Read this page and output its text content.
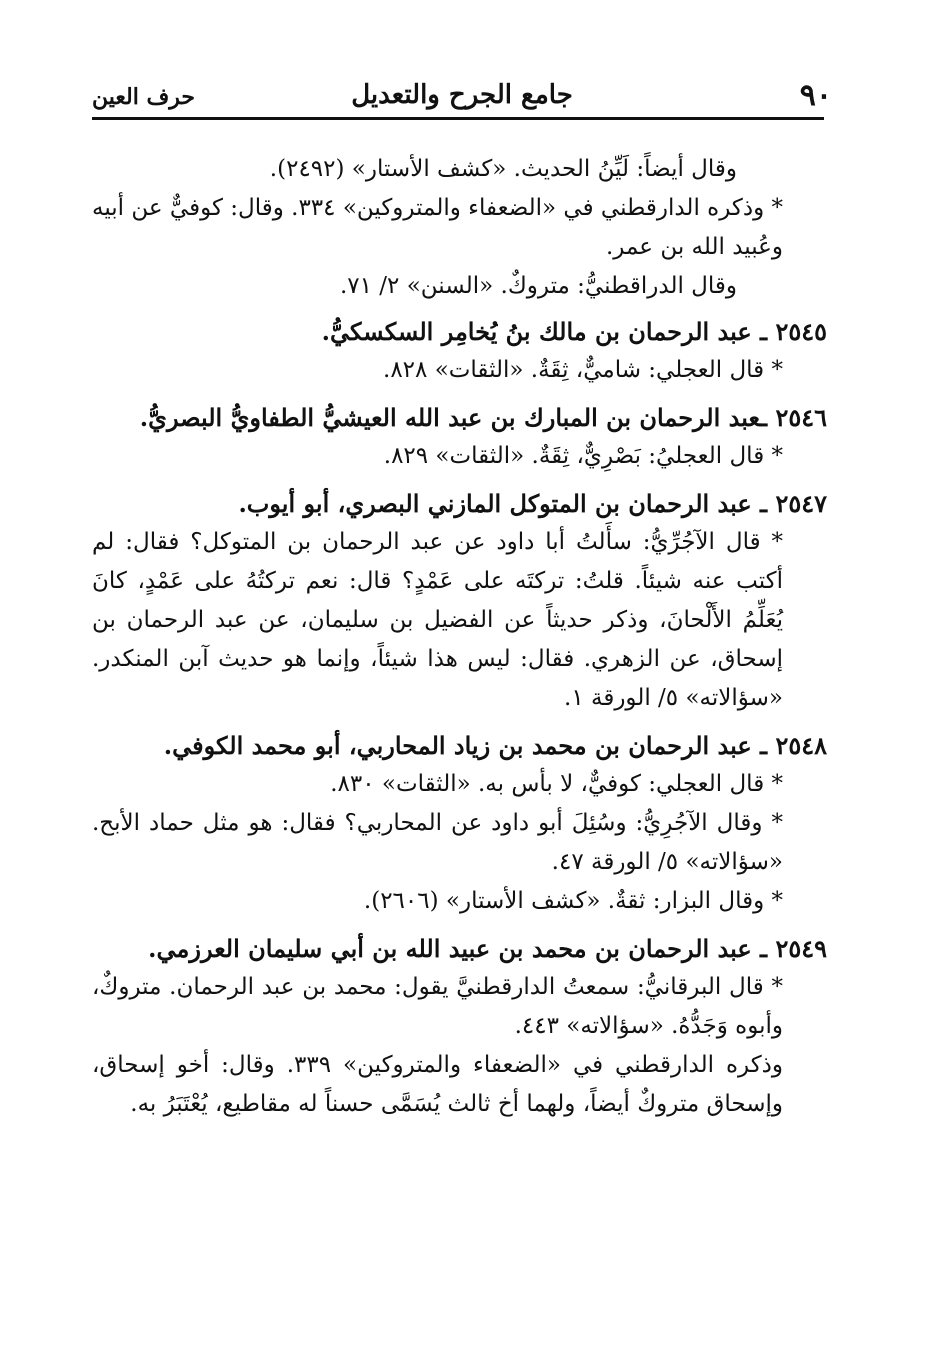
٩٠
جامع الجرح والتعديل
حرف العين

وقال أيضاً: لَيِّنُ الحديث. «كشف الأستار» (٢٤٩٢).

* وذكره الدارقطني في «الضعفاء والمتروكين» ٣٣٤. وقال: كوفيٌّ عن أبيه وعُبيد الله بن عمر.

وقال الدراقطنيُّ: متروكٌ. «السنن» ٢/ ٧١.

٢٥٤٥ ـ عبد الرحمان بن مالك بنُ يُخامِر السكسكيُّ.

* قال العجلي: شاميٌّ، ثِقَةٌ. «الثقات» ٨٢٨.

٢٥٤٦ ـعبد الرحمان بن المبارك بن عبد الله العيشيُّ الطفاويُّ البصريُّ.

* قال العجليُ: بَصْرِيٌّ، ثِقَةٌ. «الثقات» ٨٢٩.

٢٥٤٧ ـ عبد الرحمان بن المتوكل المازني البصري، أبو أيوب.

* قال الآجُرِّيُّ: سأَلتُ أبا داود عن عبد الرحمان بن المتوكل؟ فقال: لم أكتب عنه شيئاً. قلتُ: تركتَه على عَمْدٍ؟ قال: نعم تركتُهُ على عَمْدٍ، كانَ يُعَلِّمُ الأَلْحانَ، وذكر حديثاً عن الفضيل بن سليمان، عن عبد الرحمان بن إسحاق، عن الزهري. فقال: ليس هذا شيئاً، وإنما هو حديث آبن المنكدر. «سؤالاته» ٥/ الورقة ١.

٢٥٤٨ ـ عبد الرحمان بن محمد بن زياد المحاربي، أبو محمد الكوفي.

* قال العجلي: كوفيٌّ، لا بأس به. «الثقات» ٨٣٠.

* وقال الآجُرِيُّ: وسُئِلَ أبو داود عن المحاربي؟ فقال: هو مثل حماد الأبح. «سؤالاته» ٥/ الورقة ٤٧.

* وقال البزار: ثقةٌ. «كشف الأستار» (٢٦٠٦).

٢٥٤٩ ـ عبد الرحمان بن محمد بن عبيد الله بن أبي سليمان العرزمي.

* قال البرقانيُّ: سمعتُ الدارقطنيَّ يقول: محمد بن عبد الرحمان. متروكٌ، وأبوه وَجَدُّهُ. «سؤالاته» ٤٤٣.

وذكره الدارقطني في «الضعفاء والمتروكين» ٣٣٩. وقال: أخو إسحاق، وإسحاق متروكٌ أيضاً، ولهما أخ ثالث يُسَمَّى حسناً له مقاطيع، يُعْتَبَرُ به.
